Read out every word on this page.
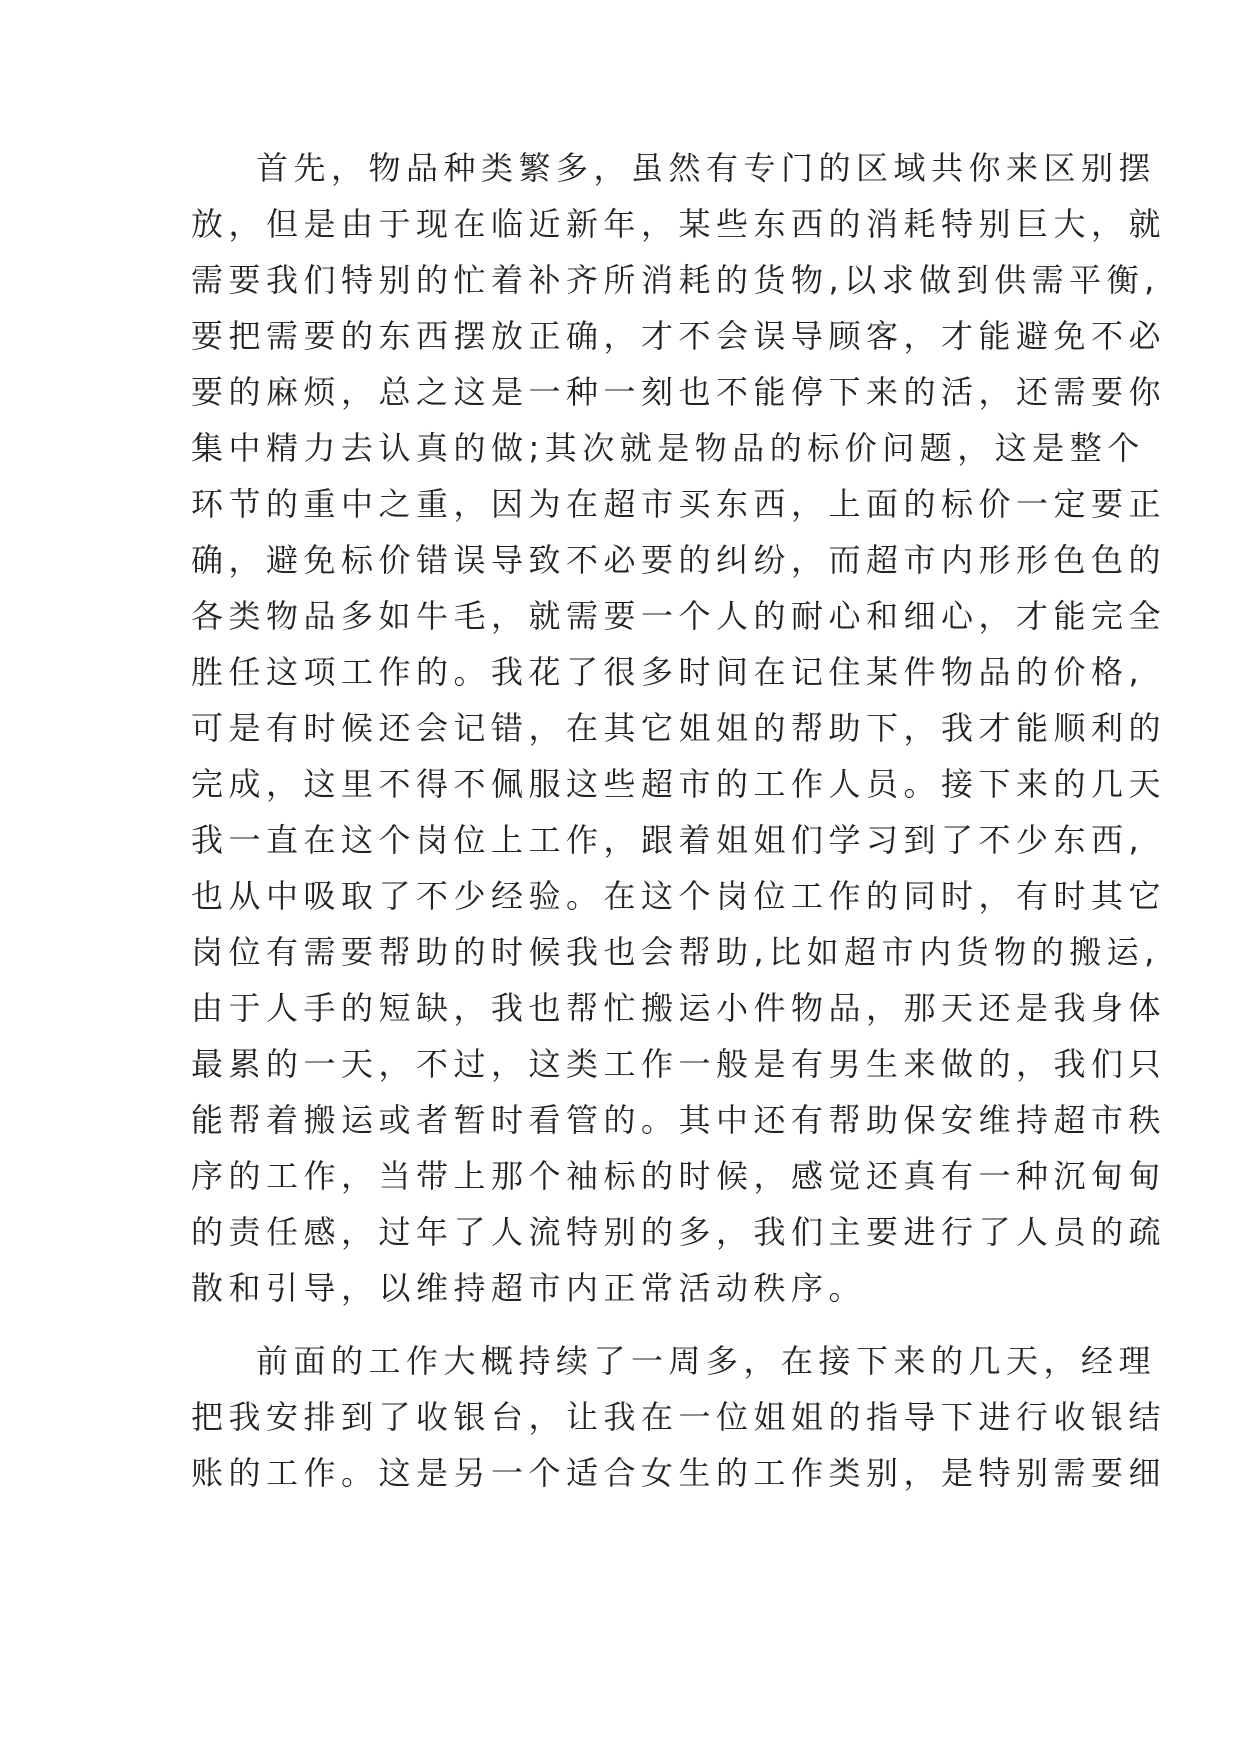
首先，物品种类繁多，虽然有专门的区域共你来区别摆
放，但是由于现在临近新年，某些东西的消耗特别巨大，就
需要我们特别的忙着补齐所消耗的货物,以求做到供需平衡,
要把需要的东西摆放正确，才不会误导顾客，才能避免不必
要的麻烦，总之这是一种一刻也不能停下来的活，还需要你
集中精力去认真的做;其次就是物品的标价问题，这是整个
环节的重中之重，因为在超市买东西，上面的标价一定要正
确，避免标价错误导致不必要的纠纷，而超市内形形色色的
各类物品多如牛毛，就需要一个人的耐心和细心，才能完全
胜任这项工作的。我花了很多时间在记住某件物品的价格,
可是有时候还会记错，在其它姐姐的帮助下，我才能顺利的
完成，这里不得不佩服这些超市的工作人员。接下来的几天
我一直在这个岗位上工作，跟着姐姐们学习到了不少东西,
也从中吸取了不少经验。在这个岗位工作的同时，有时其它
岗位有需要帮助的时候我也会帮助,比如超市内货物的搬运,
由于人手的短缺，我也帮忙搬运小件物品，那天还是我身体
最累的一天，不过，这类工作一般是有男生来做的，我们只
能帮着搬运或者暂时看管的。其中还有帮助保安维持超市秩
序的工作，当带上那个袖标的时候，感觉还真有一种沉甸甸
的责任感，过年了人流特别的多，我们主要进行了人员的疏
散和引导，以维持超市内正常活动秩序。
前面的工作大概持续了一周多，在接下来的几天，经理
把我安排到了收银台，让我在一位姐姐的指导下进行收银结
账的工作。这是另一个适合女生的工作类别，是特别需要细
